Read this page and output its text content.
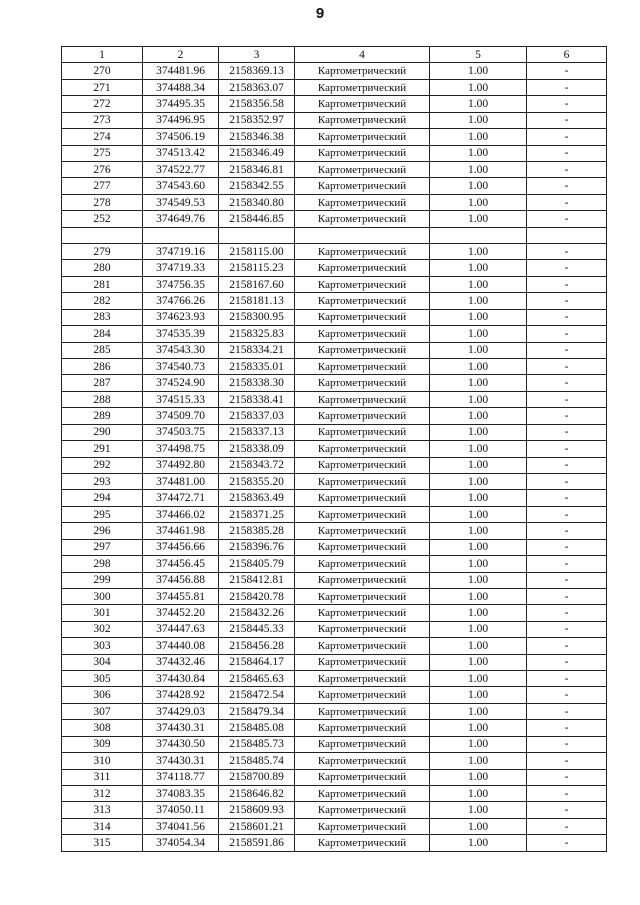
9
1	2	3	4	5	6
270	374481.96	2158369.13	Картометрический	1.00	-
271	374488.34	2158363.07	Картометрический	1.00	-
272	374495.35	2158356.58	Картометрический	1.00	-
273	374496.95	2158352.97	Картометрический	1.00	-
274	374506.19	2158346.38	Картометрический	1.00	-
275	374513.42	2158346.49	Картометрический	1.00	-
276	374522.77	2158346.81	Картометрический	1.00	-
277	374543.60	2158342.55	Картометрический	1.00	-
278	374549.53	2158340.80	Картометрический	1.00	-
252	374649.76	2158446.85	Картометрический	1.00	-

279	374719.16	2158115.00	Картометрический	1.00	-
280	374719.33	2158115.23	Картометрический	1.00	-
281	374756.35	2158167.60	Картометрический	1.00	-
282	374766.26	2158181.13	Картометрический	1.00	-
283	374623.93	2158300.95	Картометрический	1.00	-
284	374535.39	2158325.83	Картометрический	1.00	-
285	374543.30	2158334.21	Картометрический	1.00	-
286	374540.73	2158335.01	Картометрический	1.00	-
287	374524.90	2158338.30	Картометрический	1.00	-
288	374515.33	2158338.41	Картометрический	1.00	-
289	374509.70	2158337.03	Картометрический	1.00	-
290	374503.75	2158337.13	Картометрический	1.00	-
291	374498.75	2158338.09	Картометрический	1.00	-
292	374492.80	2158343.72	Картометрический	1.00	-
293	374481.00	2158355.20	Картометрический	1.00	-
294	374472.71	2158363.49	Картометрический	1.00	-
295	374466.02	2158371.25	Картометрический	1.00	-
296	374461.98	2158385.28	Картометрический	1.00	-
297	374456.66	2158396.76	Картометрический	1.00	-
298	374456.45	2158405.79	Картометрический	1.00	-
299	374456.88	2158412.81	Картометрический	1.00	-
300	374455.81	2158420.78	Картометрический	1.00	-
301	374452.20	2158432.26	Картометрический	1.00	-
302	374447.63	2158445.33	Картометрический	1.00	-
303	374440.08	2158456.28	Картометрический	1.00	-
304	374432.46	2158464.17	Картометрический	1.00	-
305	374430.84	2158465.63	Картометрический	1.00	-
306	374428.92	2158472.54	Картометрический	1.00	-
307	374429.03	2158479.34	Картометрический	1.00	-
308	374430.31	2158485.08	Картометрический	1.00	-
309	374430.50	2158485.73	Картометрический	1.00	-
310	374430.31	2158485.74	Картометрический	1.00	-
311	374118.77	2158700.89	Картометрический	1.00	-
312	374083.35	2158646.82	Картометрический	1.00	-
313	374050.11	2158609.93	Картометрический	1.00	-
314	374041.56	2158601.21	Картометрический	1.00	-
315	374054.34	2158591.86	Картометрический	1.00	-
